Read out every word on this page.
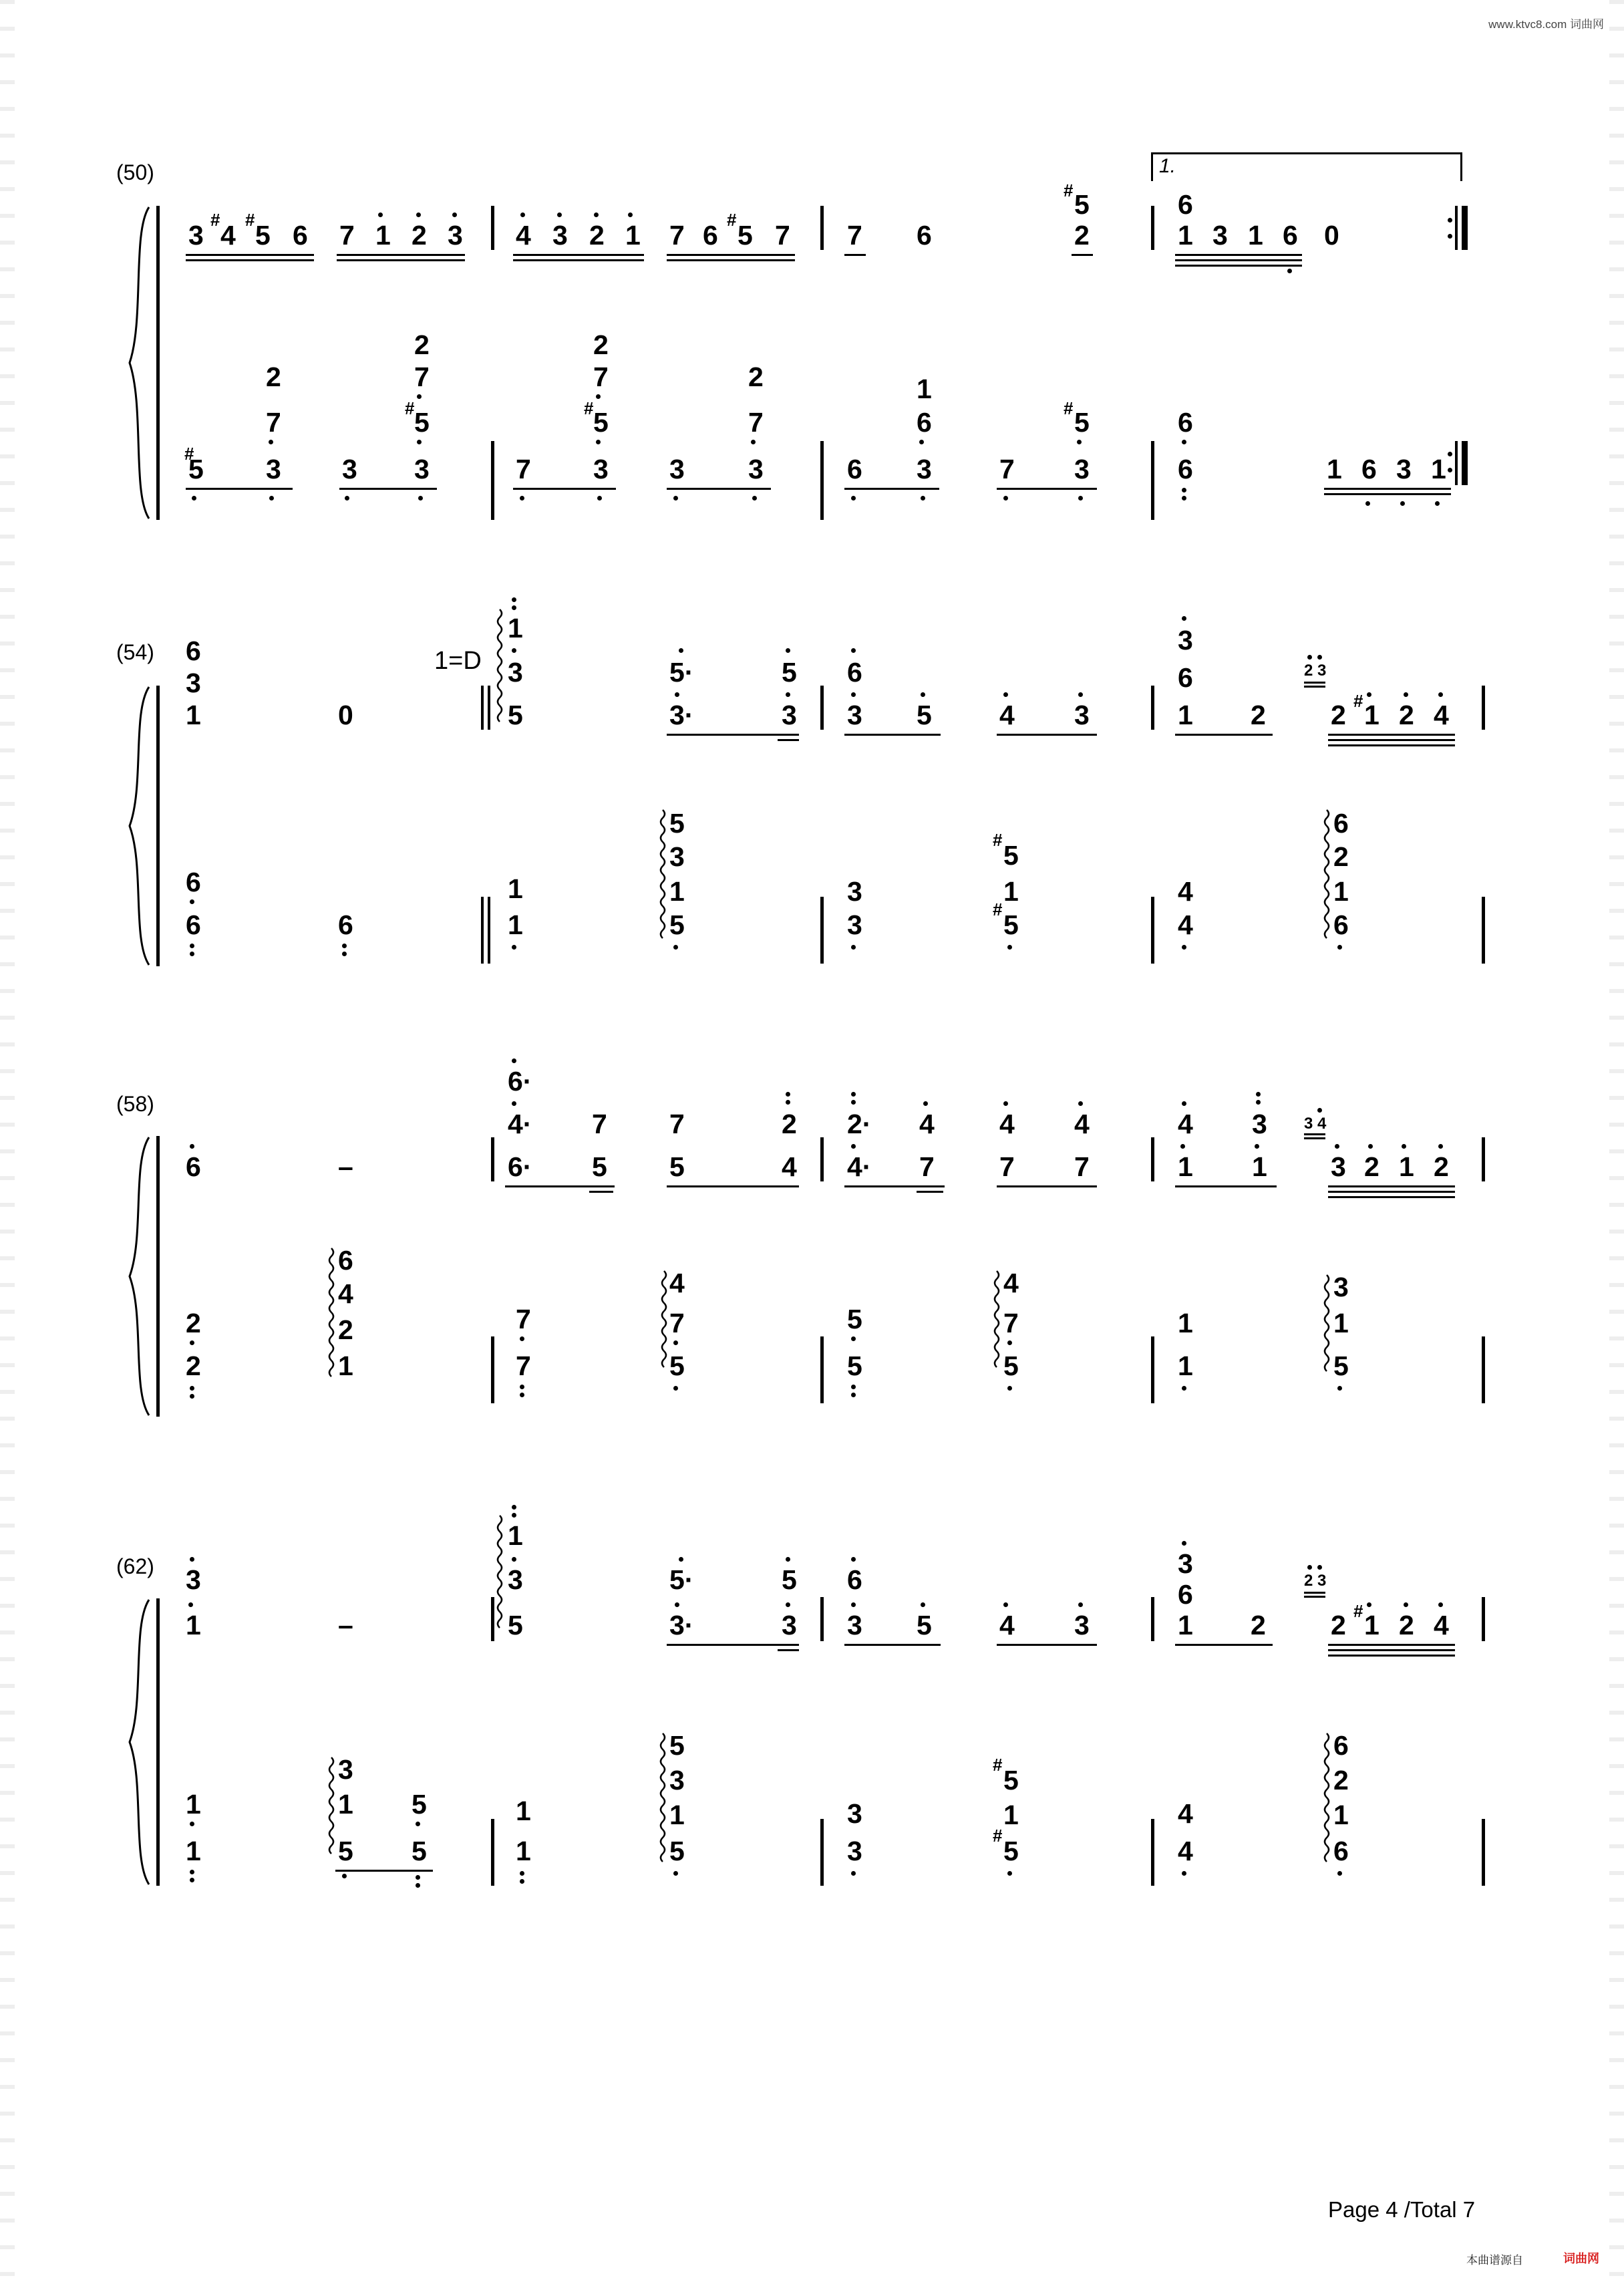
www.ktvc8.com 词曲网
(50)
3 # 4 # 5 6 7 1 2 3 4 3 2 1 7 6 # 5 7 7 6
# 5
2
1.
6
1 3 1 6 0
2
7
#
5 3
2
7
# 5
3 3
2
7
# 5
7 3
2
7
3 3
1
6
6 3
# 5
7 3
6
6	1 6 3 1
(54) 6
3
1	0
1=D
1
3
5
5·
3·
5
3
6
3 5 4 3
3
6
1 2
2 3
2 # 1 2 4
6
6	6
1
1
5
3
1
5
3
3
# 5
1
# 5
4
4
6
2
1
6
(58)
6	–
6·
4·
6·
7
5
7
5
2
4
2·
4·
4
7
4
7
4
7
4
1
3
1
3 4
3 2 1 2
2
2
6
4
2
1
7
7
4
7
5
5
5
4
7
5
1
1
3
1
5
(62) 3
1	–
1
3
5
5·
3·
5
3
6
3 5 4 3
3
6
1 2
2 3
2 # 1 2 4
1
1
3
1
5
5
5
1
1
5
3
1
5
3
3
# 5
1
# 5
4
4
6
2
1
6
Page 4 /Total 7
本曲谱源自	词曲网
